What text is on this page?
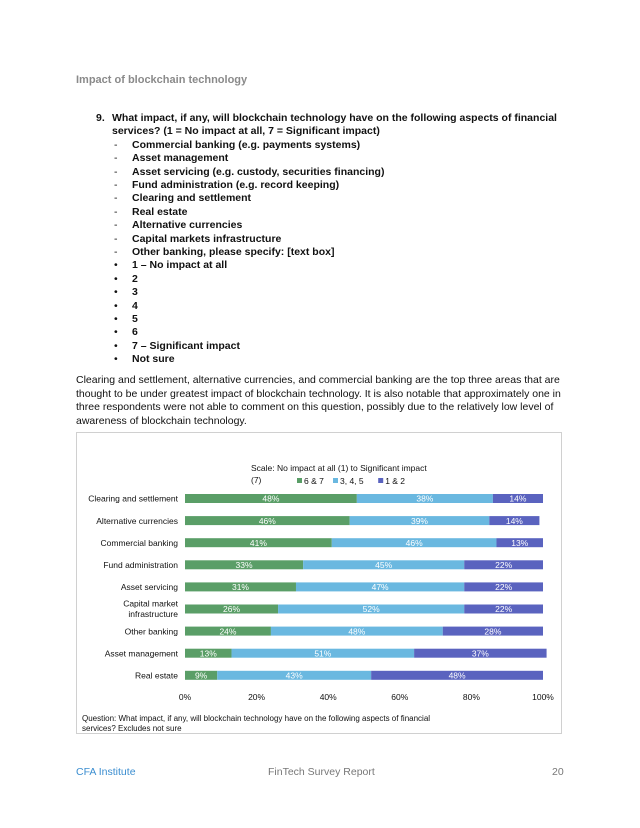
Impact of blockchain technology
9. What impact, if any, will blockchain technology have on the following aspects of financial services? (1 = No impact at all, 7 = Significant impact)
- Commercial banking (e.g. payments systems)
- Asset management
- Asset servicing (e.g. custody, securities financing)
- Fund administration (e.g. record keeping)
- Clearing and settlement
- Real estate
- Alternative currencies
- Capital markets infrastructure
- Other banking, please specify: [text box]
• 1 – No impact at all
• 2
• 3
• 4
• 5
• 6
• 7 – Significant impact
• Not sure
Clearing and settlement, alternative currencies, and commercial banking are the top three areas that are thought to be under greatest impact of blockchain technology. It is also notable that approximately one in three respondents were not able to comment on this question, possibly due to the relatively low level of awareness of blockchain technology.
Scale: No impact at all (1) to Significant impact
(7)	6 & 7 3, 4, 5	1 & 2
48%	38%	14%
Clearing and settlement
46%	39%	14%
Alternative currencies
41%	46%	13%
Commercial banking
33%	45%	22%
Fund administration
31%	47%	22%
Asset servicing
26%	52%	22%
Capital market
infrastructure
24%	48%	28%
Other banking
13%	51%	37%
Asset management
9%	43%	48%
Real estate
0%	20%	40%	60%	80%	100%
Question: What impact, if any, will blockchain technology have on the following aspects of financial services? Excludes not sure
CFA Institute	FinTech Survey Report	20
